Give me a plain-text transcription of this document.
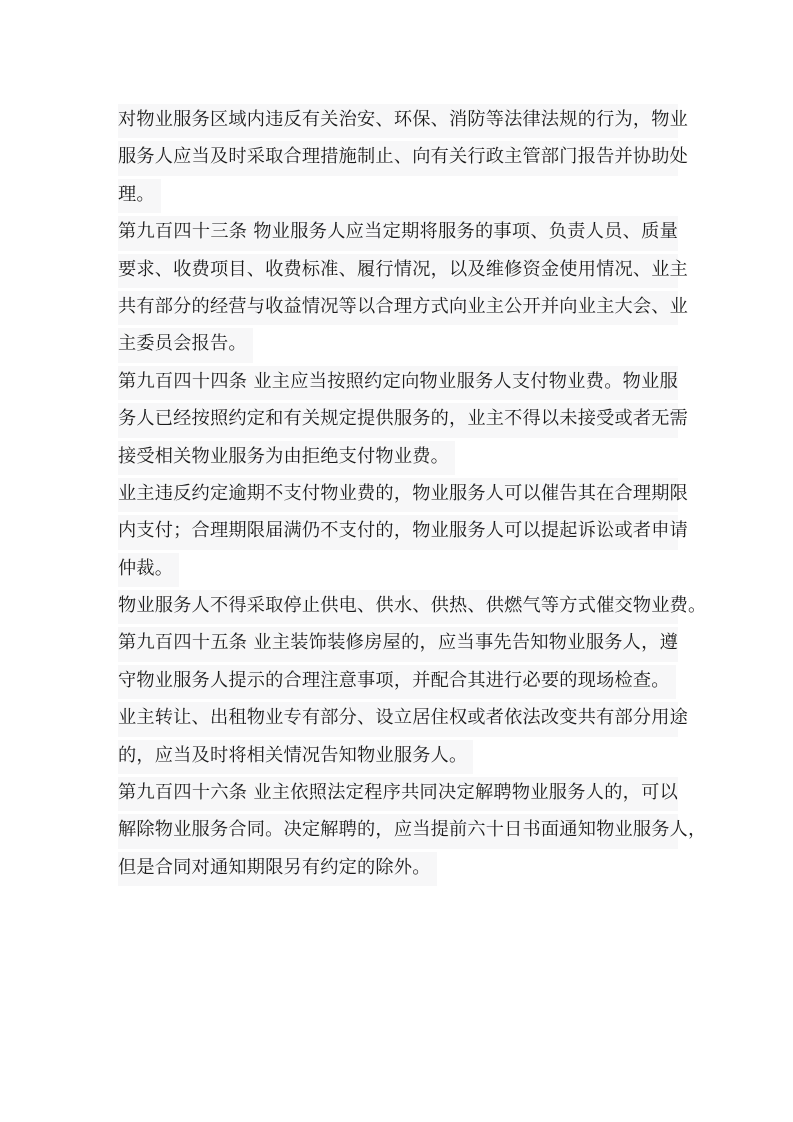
对物业服务区域内违反有关治安、环保、消防等法律法规的行为，物业
服务人应当及时采取合理措施制止、向有关行政主管部门报告并协助处
理。
第九百四十三条 物业服务人应当定期将服务的事项、负责人员、质量
要求、收费项目、收费标准、履行情况，以及维修资金使用情况、业主
共有部分的经营与收益情况等以合理方式向业主公开并向业主大会、业
主委员会报告。
第九百四十四条 业主应当按照约定向物业服务人支付物业费。物业服
务人已经按照约定和有关规定提供服务的，业主不得以未接受或者无需
接受相关物业服务为由拒绝支付物业费。
业主违反约定逾期不支付物业费的，物业服务人可以催告其在合理期限
内支付；合理期限届满仍不支付的，物业服务人可以提起诉讼或者申请
仲裁。
物业服务人不得采取停止供电、供水、供热、供燃气等方式催交物业费。
第九百四十五条 业主装饰装修房屋的，应当事先告知物业服务人，遵
守物业服务人提示的合理注意事项，并配合其进行必要的现场检查。
业主转让、出租物业专有部分、设立居住权或者依法改变共有部分用途
的，应当及时将相关情况告知物业服务人。
第九百四十六条 业主依照法定程序共同决定解聘物业服务人的，可以
解除物业服务合同。决定解聘的，应当提前六十日书面通知物业服务人，
但是合同对通知期限另有约定的除外。
